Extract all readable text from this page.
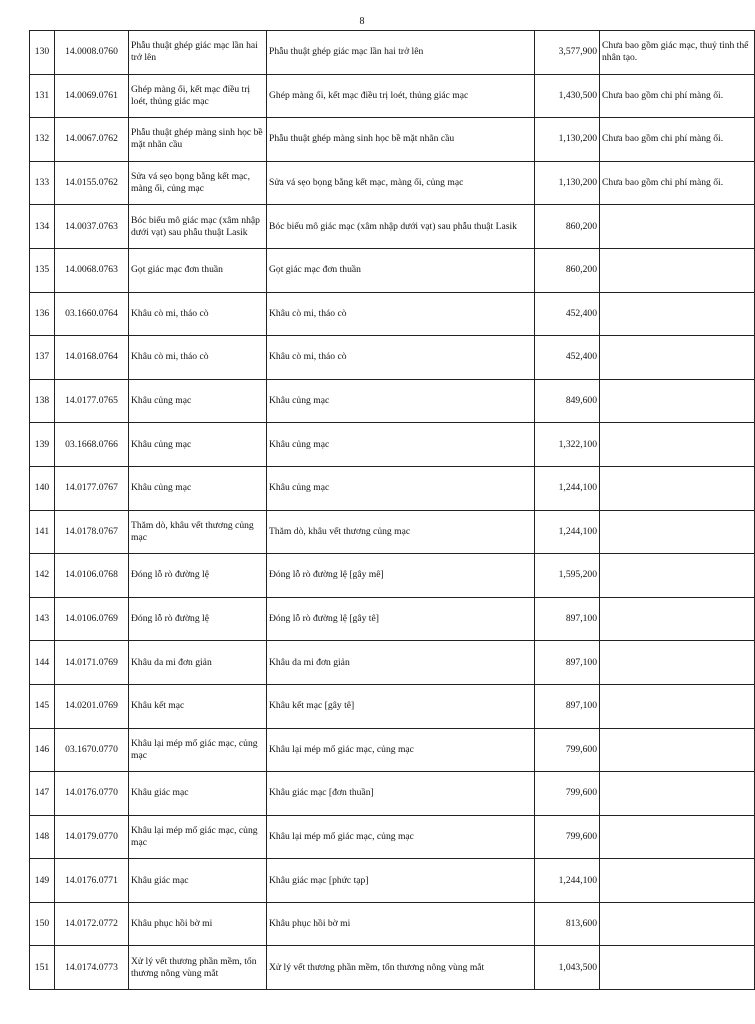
8
130	14.0008.0760	Phẫu thuật ghép giác mạc lần hai trở lên	Phẫu thuật ghép giác mạc lần hai trở lên	3,577,900	Chưa bao gồm giác mạc, thuỷ tinh thể nhân tạo.
131	14.0069.0761	Ghép màng ối, kết mạc điều trị loét, thủng giác mạc	Ghép màng ối, kết mạc điều trị loét, thủng giác mạc	1,430,500	Chưa bao gồm chi phí màng ối.
132	14.0067.0762	Phẫu thuật ghép màng sinh học bề mặt nhãn cầu	Phẫu thuật ghép màng sinh học bề mặt nhãn cầu	1,130,200	Chưa bao gồm chi phí màng ối.
133	14.0155.0762	Sửa vá sẹo bọng bằng kết mạc, màng ối, củng mạc	Sửa vá sẹo bọng bằng kết mạc, màng ối, củng mạc	1,130,200	Chưa bao gồm chi phí màng ối.
134	14.0037.0763	Bóc biểu mô giác mạc (xâm nhập dưới vạt) sau phẫu thuật Lasik	Bóc biểu mô giác mạc (xâm nhập dưới vạt) sau phẫu thuật Lasik	860,200	
135	14.0068.0763	Gọt giác mạc đơn thuần	Gọt giác mạc đơn thuần	860,200	
136	03.1660.0764	Khâu cò mi, tháo cò	Khâu cò mi, tháo cò	452,400	
137	14.0168.0764	Khâu cò mi, tháo cò	Khâu cò mi, tháo cò	452,400	
138	14.0177.0765	Khâu củng mạc	Khâu củng mạc	849,600	
139	03.1668.0766	Khâu củng mạc	Khâu củng mạc	1,322,100	
140	14.0177.0767	Khâu củng mạc	Khâu củng mạc	1,244,100	
141	14.0178.0767	Thăm dò, khâu vết thương củng mạc	Thăm dò, khâu vết thương củng mạc	1,244,100	
142	14.0106.0768	Đóng lỗ rò đường lệ	Đóng lỗ rò đường lệ [gây mê]	1,595,200	
143	14.0106.0769	Đóng lỗ rò đường lệ	Đóng lỗ rò đường lệ [gây tê]	897,100	
144	14.0171.0769	Khâu da mi đơn giản	Khâu da mi đơn giản	897,100	
145	14.0201.0769	Khâu kết mạc	Khâu kết mạc [gây tê]	897,100	
146	03.1670.0770	Khâu lại mép mổ giác mạc, củng mạc	Khâu lại mép mổ giác mạc, củng mạc	799,600	
147	14.0176.0770	Khâu giác mạc	Khâu giác mạc [đơn thuần]	799,600	
148	14.0179.0770	Khâu lại mép mổ giác mạc, củng mạc	Khâu lại mép mổ giác mạc, củng mạc	799,600	
149	14.0176.0771	Khâu giác mạc	Khâu giác mạc [phức tạp]	1,244,100	
150	14.0172.0772	Khâu phục hồi bờ mi	Khâu phục hồi bờ mi	813,600	
151	14.0174.0773	Xử lý vết thương phần mềm, tổn thương nông vùng mắt	Xử lý vết thương phần mềm, tổn thương nông vùng mắt	1,043,500	
